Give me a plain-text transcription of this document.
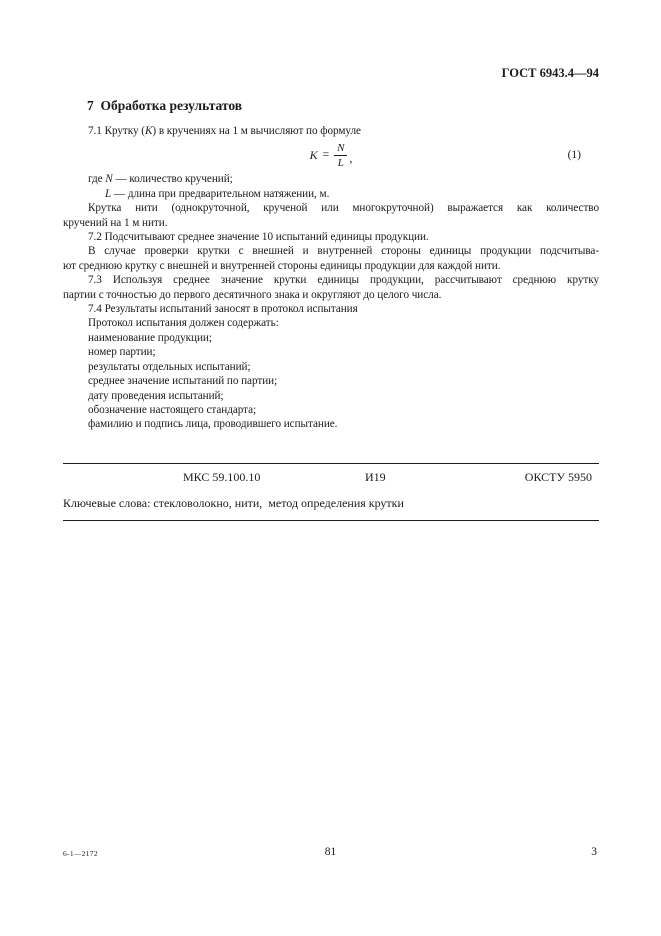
ГОСТ 6943.4—94
7  Обработка результатов
7.1 Крутку (K) в кручениях на 1 м вычисляют по формуле
$K = \frac{N}{L}$ ,	(1)
где N — количество кручений;
L — длина при предварительном натяжении, м.
Крутка нити (однокруточной, крученой или многокруточной) выражается как количество
кручений на 1 м нити.
7.2 Подсчитывают среднее значение 10 испытаний единицы продукции.
В случае проверки крутки с внешней и внутренней стороны единицы продукции подсчитыва-
ют среднюю крутку с внешней и внутренней стороны единицы продукции для каждой нити.
7.3 Используя среднее значение крутки единицы продукции, рассчитывают среднюю крутку
партии с точностью до первого десятичного знака и округляют до целого числа.
7.4 Результаты испытаний заносят в протокол испытания
Протокол испытания должен содержать:
наименование продукции;
номер партии;
результаты отдельных испытаний;
среднее значение испытаний по партии;
дату проведения испытаний;
обозначение настоящего стандарта;
фамилию и подпись лица, проводившего испытание.
МКС 59.100.10	И19	ОКСТУ 5950
Ключевые слова: стекловолокно, нити,  метод определения крутки
6-1—2172	81	3
